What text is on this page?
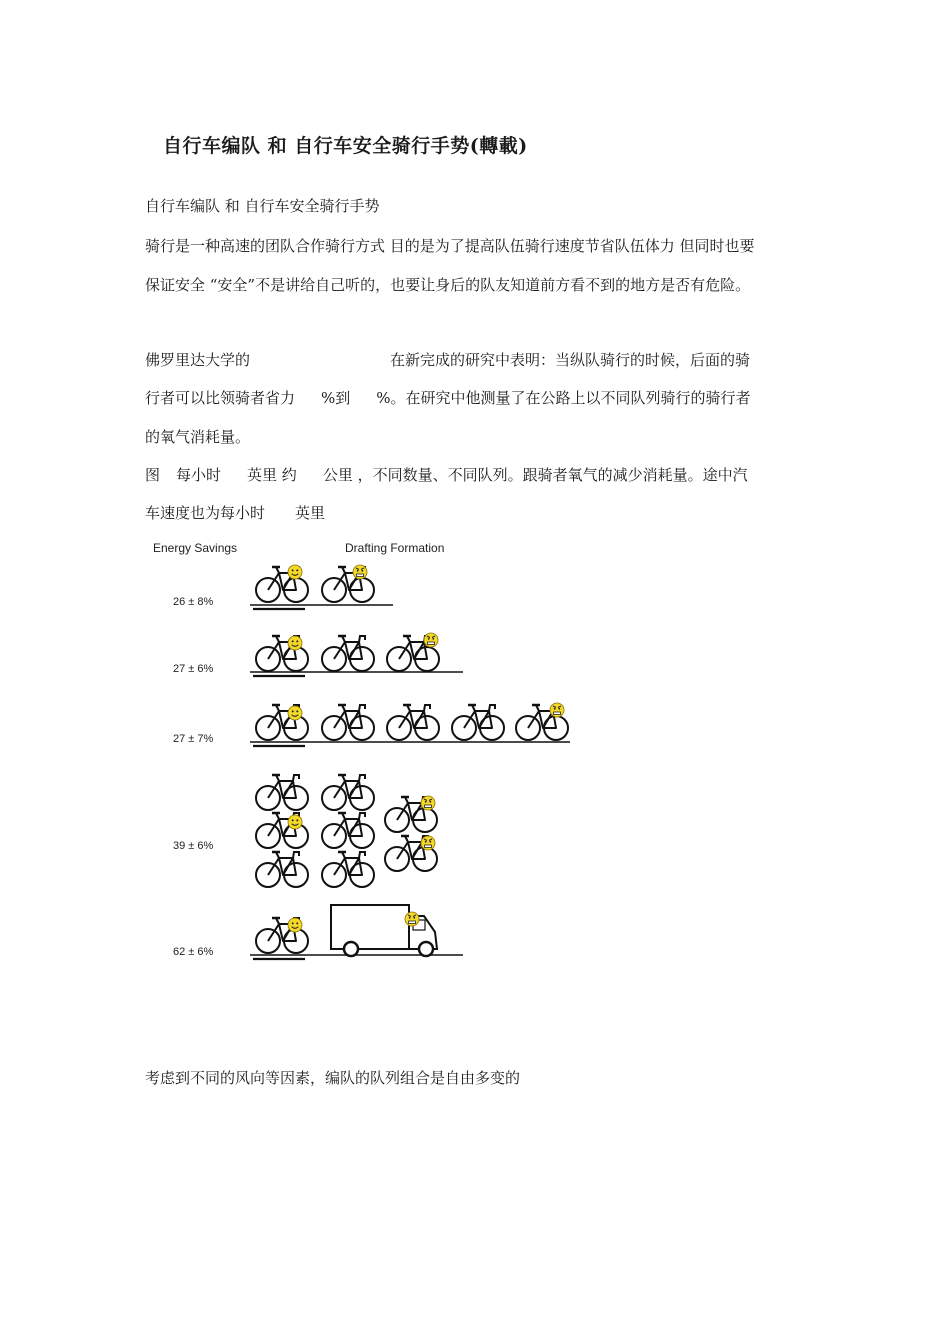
自行车编队 和 自行车安全骑行手势(轉載)
自行车编队 和 自行车安全骑行手势
骑行是一种高速的团队合作骑行方式 目的是为了提高队伍骑行速度节省队伍体力 但同时也要
保证安全 “安全”不是讲给自己听的，也要让身后的队友知道前方看不到的地方是否有危险。
佛罗里达大学的	在新完成的研究中表明：当纵队骑行的时候，后面的骑
行者可以比领骑者省力 %到 %。在研究中他测量了在公路上以不同队列骑行的骑行者
的氧气消耗量。
图 每小时 英里 约 公里 ，不同数量、不同队列。跟骑者氧气的减少消耗量。途中汽
车速度也为每小时 英里
Energy Savings	Drafting Formation
26 ± 8%
27 ± 6%
27 ± 7%
39 ± 6%
62 ± 6%
考虑到不同的风向等因素，编队的队列组合是自由多变的
